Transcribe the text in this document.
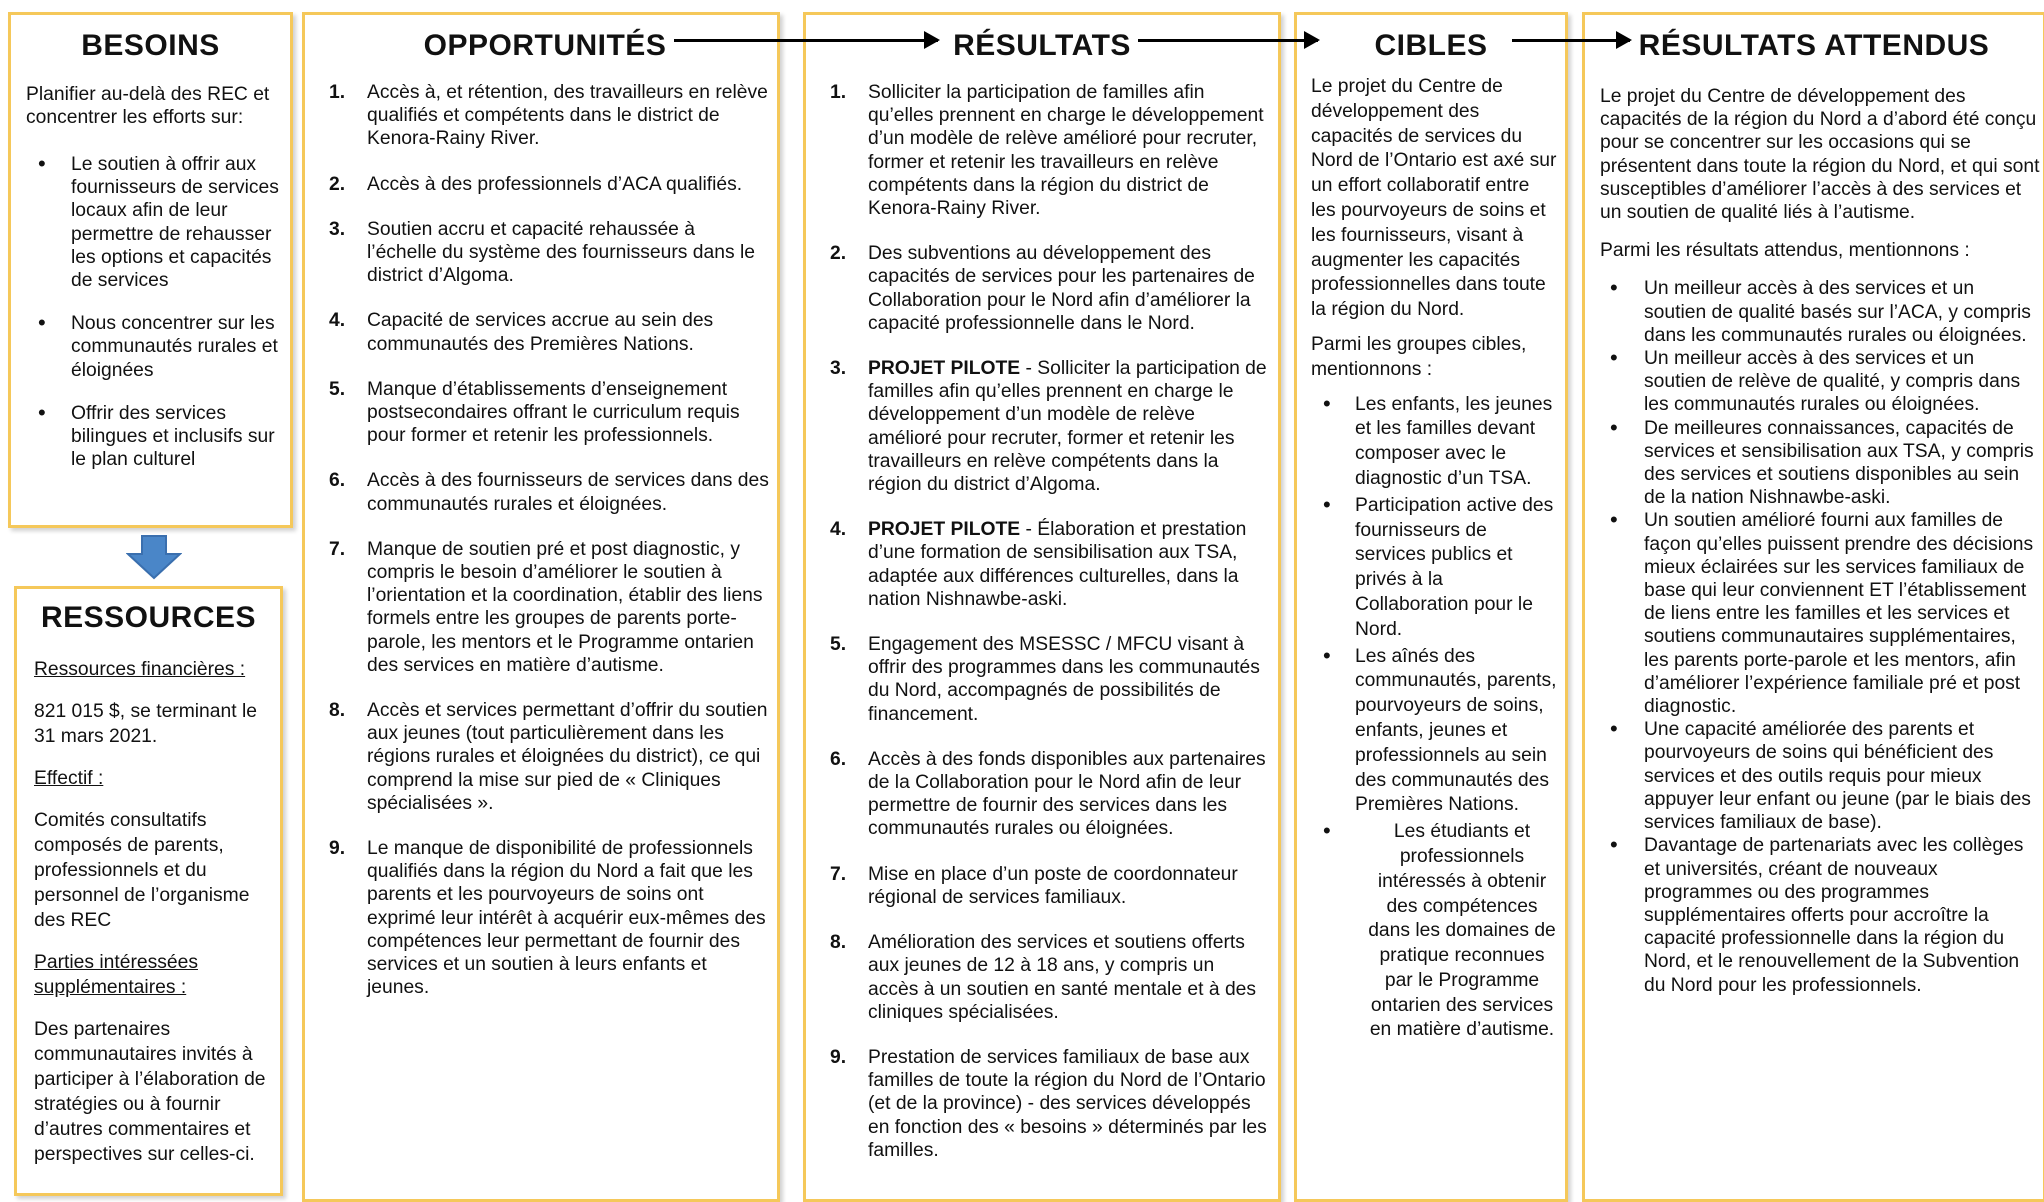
BESOINS
Planifier au-delà des REC et concentrer les efforts sur:
• Le soutien à offrir aux fournisseurs de services locaux afin de leur permettre de rehausser les options et capacités de services
• Nous concentrer sur les communautés rurales et éloignées
• Offrir des services bilingues et inclusifs sur le plan culturel
RESSOURCES

Ressources financières :

821 015 $, se terminant le 31 mars 2021.

Effectif :

Comités consultatifs composés de parents, professionnels et du personnel de l’organisme des REC

Parties intéressées supplémentaires :

Des partenaires communautaires invités à participer à l’élaboration de stratégies ou à fournir d’autres commentaires et perspectives sur celles-ci.

OPPORTUNITÉS
1. Accès à, et rétention, des travailleurs en relève qualifiés et compétents dans le district de Kenora-Rainy River.
2. Accès à des professionnels d’ACA qualifiés.
3. Soutien accru et capacité rehaussée à l’échelle du système des fournisseurs dans le district d’Algoma.
4. Capacité de services accrue au sein des communautés des Premières Nations.
5. Manque d’établissements d’enseignement postsecondaires offrant le curriculum requis pour former et retenir les professionnels.
6. Accès à des fournisseurs de services dans des communautés rurales et éloignées.
7. Manque de soutien pré et post diagnostic, y compris le besoin d’améliorer le soutien à l’orientation et la coordination, établir des liens formels entre les groupes de parents porte-parole, les mentors et le Programme ontarien des services en matière d’autisme.
8. Accès et services permettant d’offrir du soutien aux jeunes (tout particulièrement dans les régions rurales et éloignées du district), ce qui comprend la mise sur pied de « Cliniques spécialisées ».
9. Le manque de disponibilité de professionnels qualifiés dans la région du Nord a fait que les parents et les pourvoyeurs de soins ont exprimé leur intérêt à acquérir eux-mêmes des compétences leur permettant de fournir des services et un soutien à leurs enfants et jeunes.
RÉSULTATS
1. Solliciter la participation de familles afin qu’elles prennent en charge le développement d’un modèle de relève amélioré pour recruter, former et retenir les travailleurs en relève compétents dans la région du district de Kenora-Rainy River.
2. Des subventions au développement des capacités de services pour les partenaires de Collaboration pour le Nord afin d’améliorer la capacité professionnelle dans le Nord.
3. PROJET PILOTE - Solliciter la participation de familles afin qu’elles prennent en charge le développement d’un modèle de relève amélioré pour recruter, former et retenir les travailleurs en relève compétents dans la région du district d’Algoma.
4. PROJET PILOTE - Élaboration et prestation d’une formation de sensibilisation aux TSA, adaptée aux différences culturelles, dans la nation Nishnawbe-aski.
5. Engagement des MSESSC / MFCU visant à offrir des programmes dans les communautés du Nord, accompagnés de possibilités de financement.
6. Accès à des fonds disponibles aux partenaires de la Collaboration pour le Nord afin de leur permettre de fournir des services dans les communautés rurales ou éloignées.
7. Mise en place d’un poste de coordonnateur régional de services familiaux.
8. Amélioration des services et soutiens offerts aux jeunes de 12 à 18 ans, y compris un accès à un soutien en santé mentale et à des cliniques spécialisées.
9. Prestation de services familiaux de base aux familles de toute la région du Nord de l’Ontario (et de la province) - des services développés en fonction des « besoins » déterminés par les familles.
CIBLES

Le projet du Centre de développement des capacités de services du Nord de l’Ontario est axé sur un effort collaboratif entre les pourvoyeurs de soins et les fournisseurs, visant à augmenter les capacités professionnelles dans toute la région du Nord.

Parmi les groupes cibles, mentionnons :

• Les enfants, les jeunes et les familles devant composer avec le diagnostic d’un TSA.
• Participation active des fournisseurs de services publics et privés à la Collaboration pour le Nord.
• Les aînés des communautés, parents, pourvoyeurs de soins, enfants, jeunes et professionnels au sein des communautés des Premières Nations.
• Les étudiants et professionnels intéressés à obtenir des compétences dans les domaines de pratique reconnues par le Programme ontarien des services en matière d’autisme.
RÉSULTATS ATTENDUS

Le projet du Centre de développement des capacités de la région du Nord a d’abord été conçu pour se concentrer sur les occasions qui se présentent dans toute la région du Nord, et qui sont susceptibles d’améliorer l’accès à des services et un soutien de qualité liés à l’autisme.

Parmi les résultats attendus, mentionnons :

• Un meilleur accès à des services et un soutien de qualité basés sur l’ACA, y compris dans les communautés rurales ou éloignées.
• Un meilleur accès à des services et un soutien de relève de qualité, y compris dans les communautés rurales ou éloignées.
• De meilleures connaissances, capacités de services et sensibilisation aux TSA, y compris des services et soutiens disponibles au sein de la nation Nishnawbe-aski.
• Un soutien amélioré fourni aux familles de façon qu’elles puissent prendre des décisions mieux éclairées sur les services familiaux de base qui leur conviennent ET l’établissement de liens entre les familles et les services et soutiens communautaires supplémentaires, les parents porte-parole et les mentors, afin d’améliorer l’expérience familiale pré et post diagnostic.
• Une capacité améliorée des parents et pourvoyeurs de soins qui bénéficient des services et des outils requis pour mieux appuyer leur enfant ou jeune (par le biais des services familiaux de base).
• Davantage de partenariats avec les collèges et universités, créant de nouveaux programmes ou des programmes supplémentaires offerts pour accroître la capacité professionnelle dans la région du Nord, et le renouvellement de la Subvention du Nord pour les professionnels.
